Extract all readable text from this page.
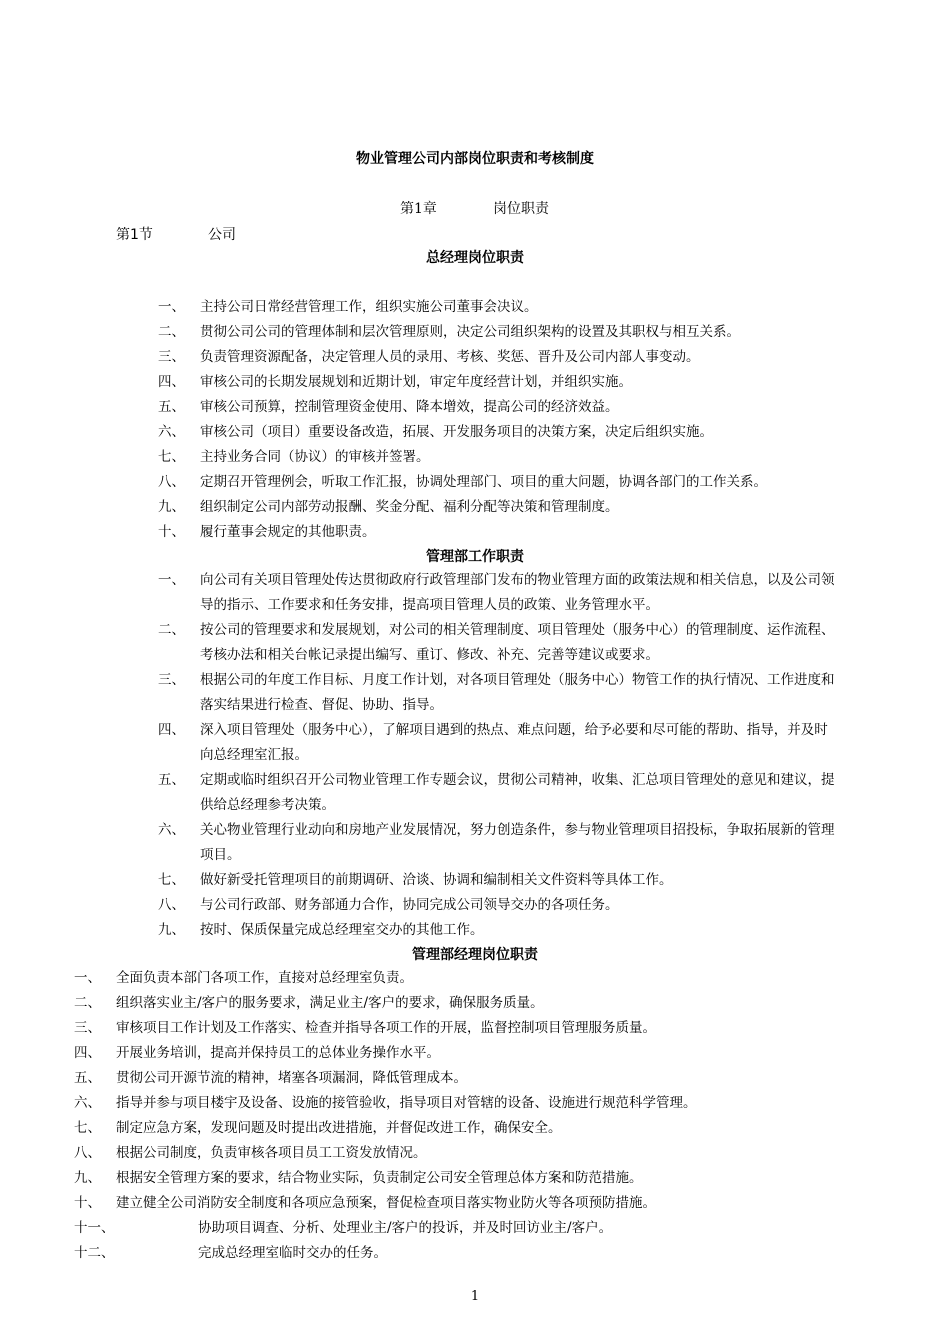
物业管理公司内部岗位职责和考核制度
第1章	岗位职责
第1节	公司
总经理岗位职责
一、 主持公司日常经营管理工作，组织实施公司董事会决议。
二、 贯彻公司公司的管理体制和层次管理原则，决定公司组织架构的设置及其职权与相互关系。
三、 负责管理资源配备，决定管理人员的录用、考核、奖惩、晋升及公司内部人事变动。
四、 审核公司的长期发展规划和近期计划，审定年度经营计划，并组织实施。
五、 审核公司预算，控制管理资金使用、降本增效，提高公司的经济效益。
六、 审核公司（项目）重要设备改造，拓展、开发服务项目的决策方案，决定后组织实施。
七、 主持业务合同（协议）的审核并签署。
八、 定期召开管理例会，听取工作汇报，协调处理部门、项目的重大问题，协调各部门的工作关系。
九、 组织制定公司内部劳动报酬、奖金分配、福利分配等决策和管理制度。
十、 履行董事会规定的其他职责。
管理部工作职责
一、 向公司有关项目管理处传达贯彻政府行政管理部门发布的物业管理方面的政策法规和相关信息，以及公司领导的指示、工作要求和任务安排，提高项目管理人员的政策、业务管理水平。
二、 按公司的管理要求和发展规划，对公司的相关管理制度、项目管理处（服务中心）的管理制度、运作流程、考核办法和相关台帐记录提出编写、重订、修改、补充、完善等建议或要求。
三、 根据公司的年度工作目标、月度工作计划，对各项目管理处（服务中心）物管工作的执行情况、工作进度和落实结果进行检查、督促、协助、指导。
四、 深入项目管理处（服务中心），了解项目遇到的热点、难点问题，给予必要和尽可能的帮助、指导，并及时向总经理室汇报。
五、 定期或临时组织召开公司物业管理工作专题会议，贯彻公司精神，收集、汇总项目管理处的意见和建议，提供给总经理参考决策。
六、 关心物业管理行业动向和房地产业发展情况，努力创造条件，参与物业管理项目招投标，争取拓展新的管理项目。
七、 做好新受托管理项目的前期调研、洽谈、协调和编制相关文件资料等具体工作。
八、 与公司行政部、财务部通力合作，协同完成公司领导交办的各项任务。
九、 按时、保质保量完成总经理室交办的其他工作。
管理部经理岗位职责
一、 全面负责本部门各项工作，直接对总经理室负责。
二、 组织落实业主/客户的服务要求，满足业主/客户的要求，确保服务质量。
三、 审核项目工作计划及工作落实、检查并指导各项工作的开展，监督控制项目管理服务质量。
四、 开展业务培训，提高并保持员工的总体业务操作水平。
五、 贯彻公司开源节流的精神，堵塞各项漏洞，降低管理成本。
六、 指导并参与项目楼宇及设备、设施的接管验收，指导项目对管辖的设备、设施进行规范科学管理。
七、 制定应急方案，发现问题及时提出改进措施，并督促改进工作，确保安全。
八、 根据公司制度，负责审核各项目员工工资发放情况。
九、 根据安全管理方案的要求，结合物业实际，负责制定公司安全管理总体方案和防范措施。
十、 建立健全公司消防安全制度和各项应急预案，督促检查项目落实物业防火等各项预防措施。
十一、	协助项目调查、分析、处理业主/客户的投诉，并及时回访业主/客户。
十二、	完成总经理室临时交办的任务。
1
